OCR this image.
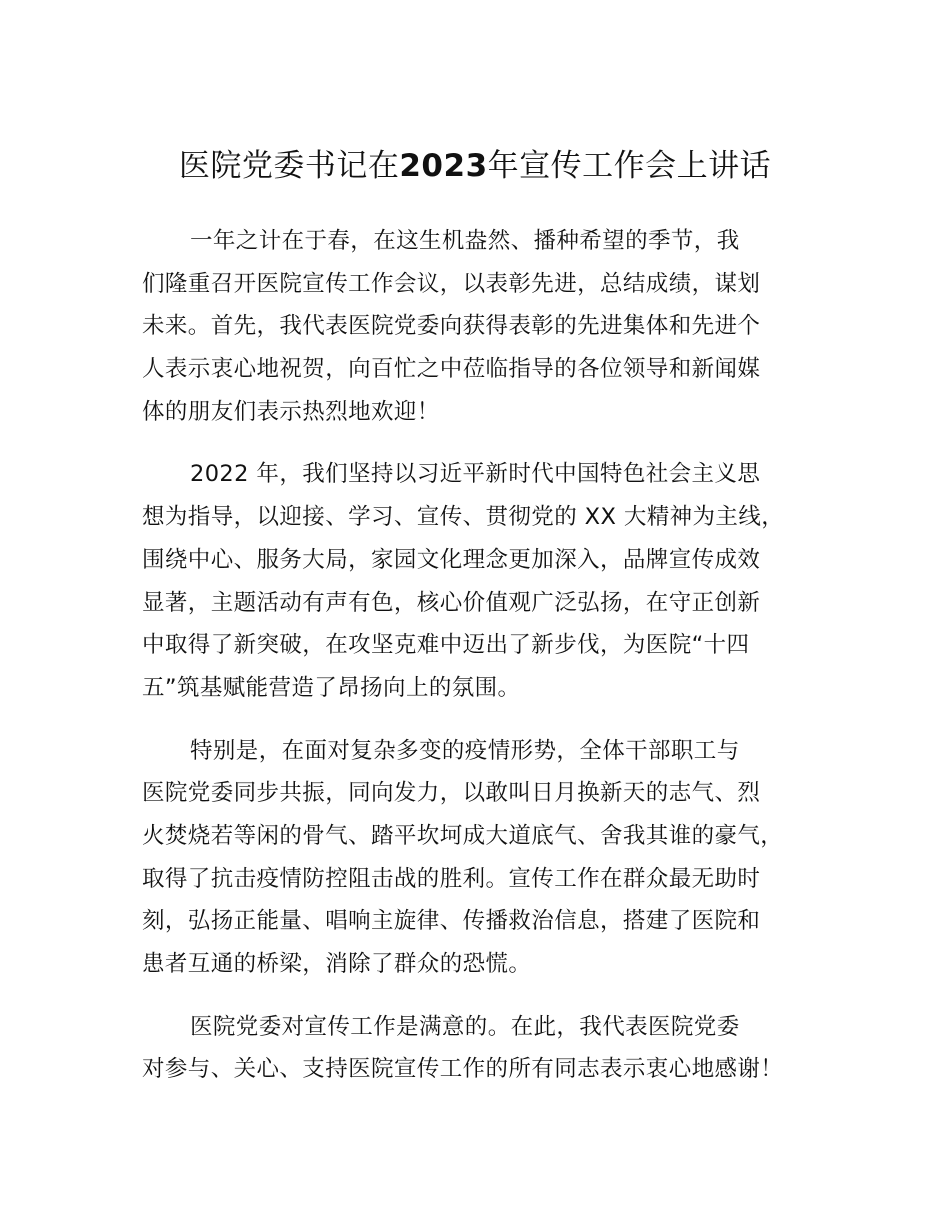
医院党委书记在2023年宣传工作会上讲话
一年之计在于春，在这生机盎然、播种希望的季节，我
们隆重召开医院宣传工作会议，以表彰先进，总结成绩，谋划
未来。首先，我代表医院党委向获得表彰的先进集体和先进个
人表示衷心地祝贺，向百忙之中莅临指导的各位领导和新闻媒
体的朋友们表示热烈地欢迎！
2022 年，我们坚持以习近平新时代中国特色社会主义思
想为指导，以迎接、学习、宣传、贯彻党的 XX 大精神为主线，
围绕中心、服务大局，家园文化理念更加深入，品牌宣传成效
显著，主题活动有声有色，核心价值观广泛弘扬，在守正创新
中取得了新突破，在攻坚克难中迈出了新步伐，为医院“十四
五”筑基赋能营造了昂扬向上的氛围。
特别是，在面对复杂多变的疫情形势，全体干部职工与
医院党委同步共振，同向发力，以敢叫日月换新天的志气、烈
火焚烧若等闲的骨气、踏平坎坷成大道底气、舍我其谁的豪气，
取得了抗击疫情防控阻击战的胜利。宣传工作在群众最无助时
刻，弘扬正能量、唱响主旋律、传播救治信息，搭建了医院和
患者互通的桥梁，消除了群众的恐慌。
医院党委对宣传工作是满意的。在此，我代表医院党委
对参与、关心、支持医院宣传工作的所有同志表示衷心地感谢！
